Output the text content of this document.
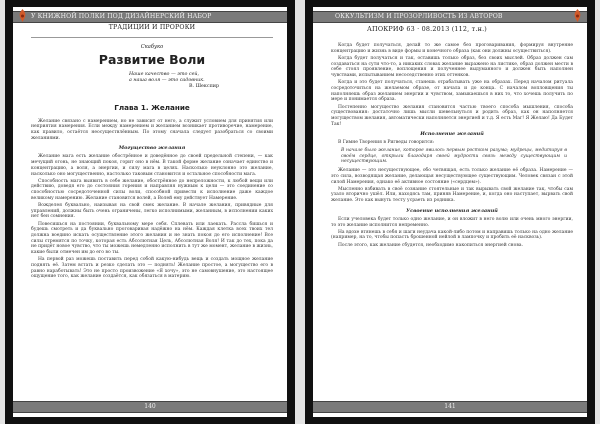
У КНИЖНОЙ ПОЛКИ ПОД ДИЗАЙНЕРСКИЙ НАБОР
ТРАДИЦИИ И ПРОРОКИ
Скабуко
Развитие Воли
Наше качество — это сей,
а наша воля — это садовник.
В. Шекспир
Глава 1. Желание

Желание связано с намерением, но не зависит от него, а служит условием для принятия или неприятия намерения. Если между намерением и желанием возникает противоречие, намерение, как правило, остаётся неосуществлённым. По этому сначала следует разобраться со своими желаниями.

Могущество желания

Желание мага есть желание обострённое и доведённое до своей предельной степени, — как мечущий огонь, не знающий покоя, горит оно в нём. В такой форме желание означает единство и концентрацию, а воля, а энергии, и силу мага в целях. Насколько неуклонно это желание, насколько оно могущественно, настолько таковым становится и остальное способности мага.

Способность мага выявить в себе желание, обострённое до непреложности, к любой вещи или действию, доведя его до состояния горения и направляя нужным к цели — это соединение со способностью сосредоточенной силы воли, способной привести к исполнение даже каждое великому намерению. Желание становится волей, а Волей ему действует Намерение.

Вожделея буквально, наизывая на свой смех желание. В начале желания, привядные для управлений, должны быть очень ограничены, легко исполнимыми, желанным, в исполнении каких нет бен сомнения.

Повесишься на постоянии, буквальному мере себя. Сплевать или лаекать. Рассла бишься и будешь смотреть и да буквально проговаривая надёжно на нём. Каждая клетка всех твоих тел должна воедино искать осуществление этого желания и не знать покоя до его исполнение! Все силы стремятся по точку, которая есть Абсолютная Цель, Абсолютная Воля! И так до тех, пока да не придёт новое чувство, что ты можешь немедленно исполнить в тут же момент, желание в жизнь, какие были отмечен им до его во ты.

На первой раз можешь поставить перед собой какую-нибудь вещь и создать мощное желание поднять её. Затем встать и резко сделать это — поднять! Желание простое, а могущество его в равно наработывать! Это не просто произвожение «Я хочу», это не самовнушение, это настоящее ощущение того, как желание создаётся, как обязаться в материю.

140
ОККУЛЬТИЗМ И ПРОЗОРЛИВОСТЬ ИЗ АВТОРОВ
АПОКРИФ 63 · 08.2013 (112, т.н.)

Когда будет получаться, делай то же самое без проговаривания, формируя внутренне концентрацию и жизнь в виде формы и конечного образа (как они должны осуществиться).

Когда будет получаться и так, оставишь только образ, без своих мыслей. Образ должен сам создаваться на сути что-то, а никаких словах желание выражено на листике, образ должен мести в себе стоял проявление, воплощения и полученнее выдуманного и должен быть наполнен чувствами, испытыванием несоседственно этих оттенков.

Когда и это будет получаться, станешь отрабатывать уже на образах. Перед началом ритуала сосредоточиться на желаемом образе, от начала и до конца. С началом вопловщения ты наполняешь образ желанием энергии и чувством, замыкаешься в них то, что хочешь получить по мере и понимается образа.

Постепенно могущество желания становится частью твоего способа мышления, способа существования: достаточно лишь мысли шевельнуться и родить образ, как он наполняется могуществом желания, автоматически наполняется энергией и т.д. Я есть Маг! Я Желаю! Да Будет Так!

Исполнение желаний

В Гимне Творения в Ригведы говорится:

В начале было желание, которое явилось первым ростком разума; мудрецы, медитируя в своём сердце, открыли благодаря своей мудрости связь между существующим и несуществующим.

Желание — это несуществующее, обо четвящая, есть только желание её образа. Намерение — это сила, возводящая желание, делающая несуществующее существующим. Человек связан с этой силой Намерения, однако её активное состояние («сердцем»).

Мысленно взбивать в своё сознание стоятельные и так вырывать свой желание так, чтобы сам узало вторично ушёл. Или, находясь там, приняв Намерение, и, когда оно наступает, вырвать свой желание. Это как вынуть тесту усраеть из родника.

Усвоение исполнения желаний

Если учеловека будет только одно желание, и он вложит в него волю или очень много энергии, то это желание исполнится непременно.

На вдохе втянешь в себя и шаги неудача какой-либо потом и направишь только на одно желание (например, на то, чтобы попасть брошенной нейлой в лампочку и пробить её насквозь).

После этого, как желание сбудется, необходимо накопиться энергией снова.

141
